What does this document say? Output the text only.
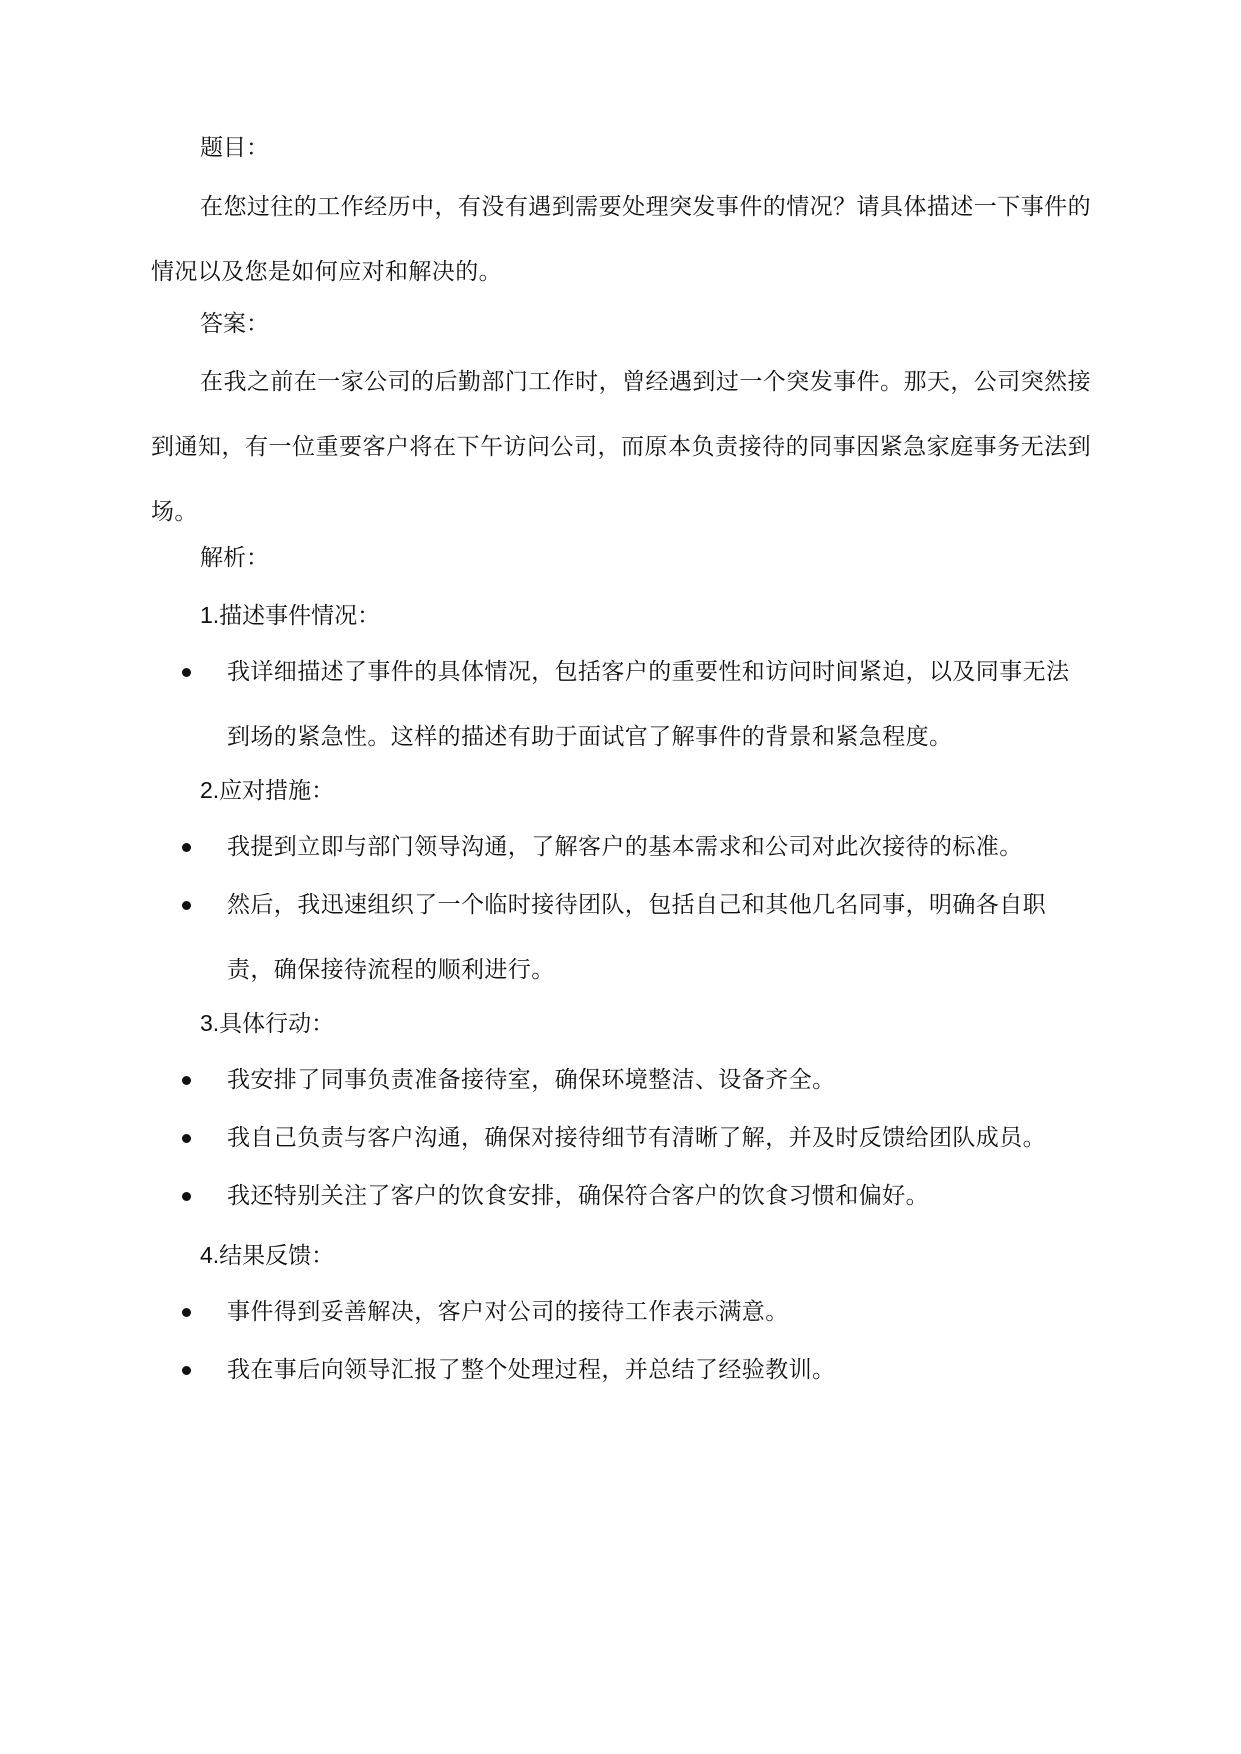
题目：

在您过往的工作经历中，有没有遇到需要处理突发事件的情况？请具体描述一下事件的情况以及您是如何应对和解决的。

答案：

在我之前在一家公司的后勤部门工作时，曾经遇到过一个突发事件。那天，公司突然接到通知，有一位重要客户将在下午访问公司，而原本负责接待的同事因紧急家庭事务无法到场。

解析：

1.描述事件情况：

我详细描述了事件的具体情况，包括客户的重要性和访问时间紧迫，以及同事无法到场的紧急性。这样的描述有助于面试官了解事件的背景和紧急程度。

2.应对措施：

我提到立即与部门领导沟通，了解客户的基本需求和公司对此次接待的标准。
然后，我迅速组织了一个临时接待团队，包括自己和其他几名同事，明确各自职责，确保接待流程的顺利进行。

3.具体行动：

我安排了同事负责准备接待室，确保环境整洁、设备齐全。
我自己负责与客户沟通，确保对接待细节有清晰了解，并及时反馈给团队成员。
我还特别关注了客户的饮食安排，确保符合客户的饮食习惯和偏好。

4.结果反馈：

事件得到妥善解决，客户对公司的接待工作表示满意。
我在事后向领导汇报了整个处理过程，并总结了经验教训。
